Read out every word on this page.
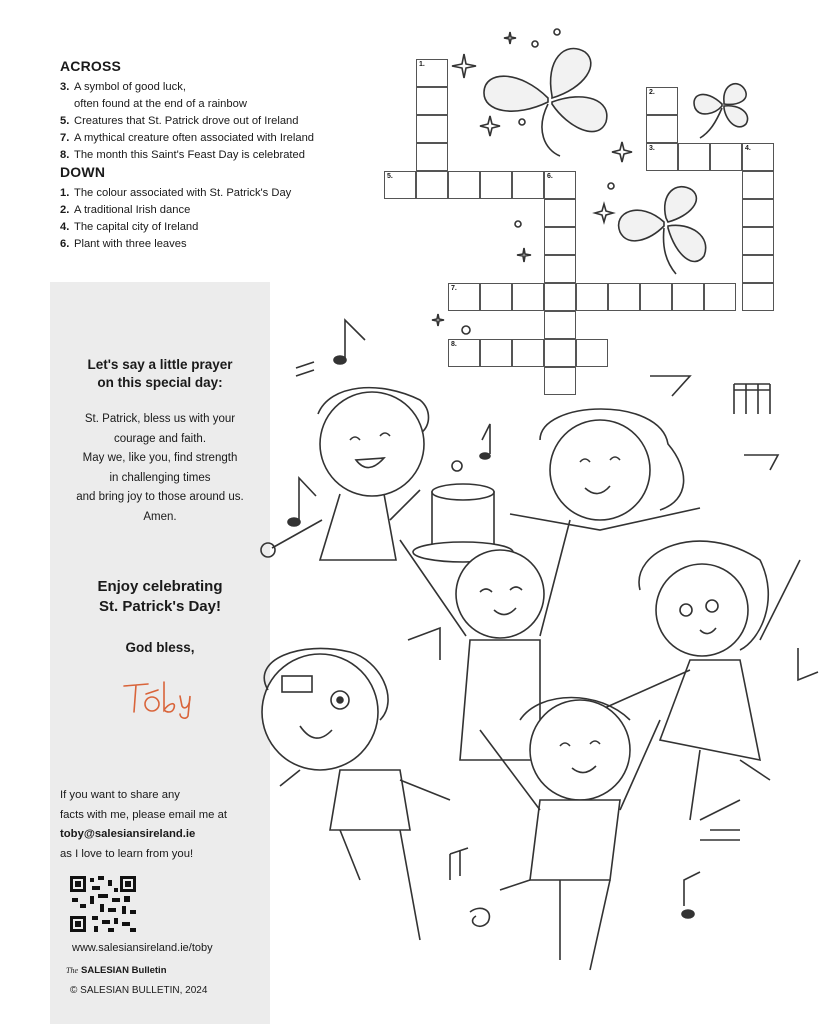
ACROSS
3. A symbol of good luck,
often found at the end of a rainbow
5. Creatures that St. Patrick drove out of Ireland
7. A mythical creature often associated with Ireland
8. The month this Saint's Feast Day is celebrated
DOWN
1. The colour associated with St. Patrick's Day
2. A traditional Irish dance
4. The capital city of Ireland
6. Plant with three leaves
1.
5.	6.
2.
3.	4.
7.
8.
Let's say a little prayer
on this special day:
St. Patrick, bless us with your
courage and faith.
May we, like you, find strength
in challenging times
and bring joy to those around us.
Amen.
Enjoy celebrating
St. Patrick's Day!
God bless,
If you want to share any
facts with me, please email me at
toby@salesiansireland.ie
as I love to learn from you!
www.salesiansireland.ie/toby
The SALESIAN Bulletin
© SALESIAN BULLETIN, 2024
